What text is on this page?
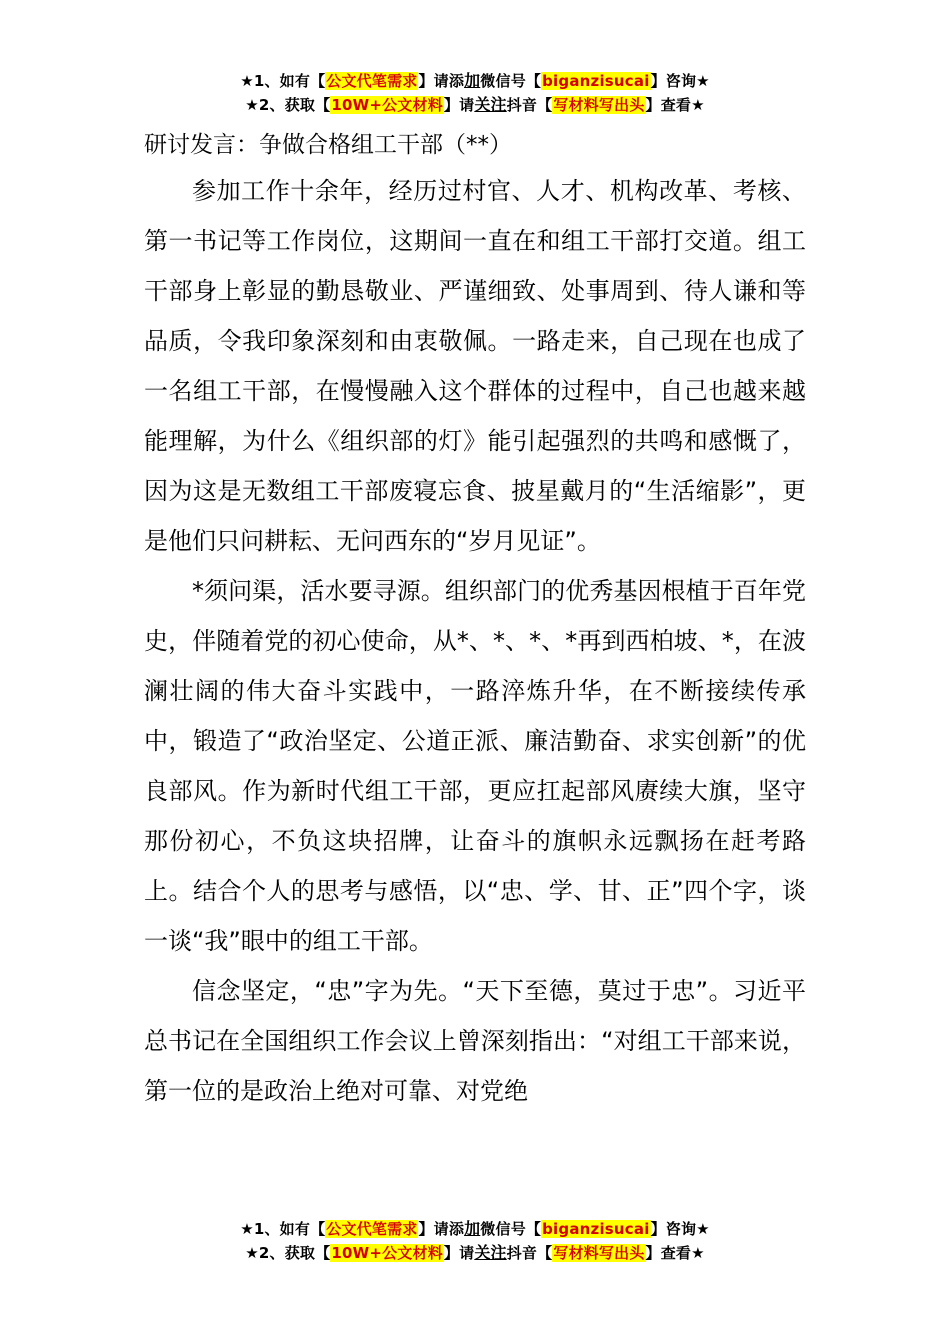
★1、如有【公文代笔需求】请添加微信号【biganzisucai】咨询★
★2、获取【10W+公文材料】请关注抖音【写材料写出头】查看★
研讨发言：争做合格组工干部（**）

参加工作十余年，经历过村官、人才、机构改革、考核、第一书记等工作岗位，这期间一直在和组工干部打交道。组工干部身上彰显的勤恳敬业、严谨细致、处事周到、待人谦和等品质，令我印象深刻和由衷敬佩。一路走来，自己现在也成了一名组工干部，在慢慢融入这个群体的过程中，自己也越来越能理解，为什么《组织部的灯》能引起强烈的共鸣和感慨了，因为这是无数组工干部废寝忘食、披星戴月的“生活缩影”，更是他们只问耕耘、无问西东的“岁月见证”。

*须问渠，活水要寻源。组织部门的优秀基因根植于百年党史，伴随着党的初心使命，从*、*、*、*再到西柏坡、*，在波澜壮阔的伟大奋斗实践中，一路淬炼升华，在不断接续传承中，锻造了“政治坚定、公道正派、廉洁勤奋、求实创新”的优良部风。作为新时代组工干部，更应扛起部风赓续大旗，坚守那份初心，不负这块招牌，让奋斗的旗帜永远飘扬在赶考路上。结合个人的思考与感悟，以“忠、学、甘、正”四个字，谈一谈“我”眼中的组工干部。

信念坚定，“忠”字为先。“天下至德，莫过于忠”。习近平总书记在全国组织工作会议上曾深刻指出：“对组工干部来说，第一位的是政治上绝对可靠、对党绝

★1、如有【公文代笔需求】请添加微信号【biganzisucai】咨询★
★2、获取【10W+公文材料】请关注抖音【写材料写出头】查看★
